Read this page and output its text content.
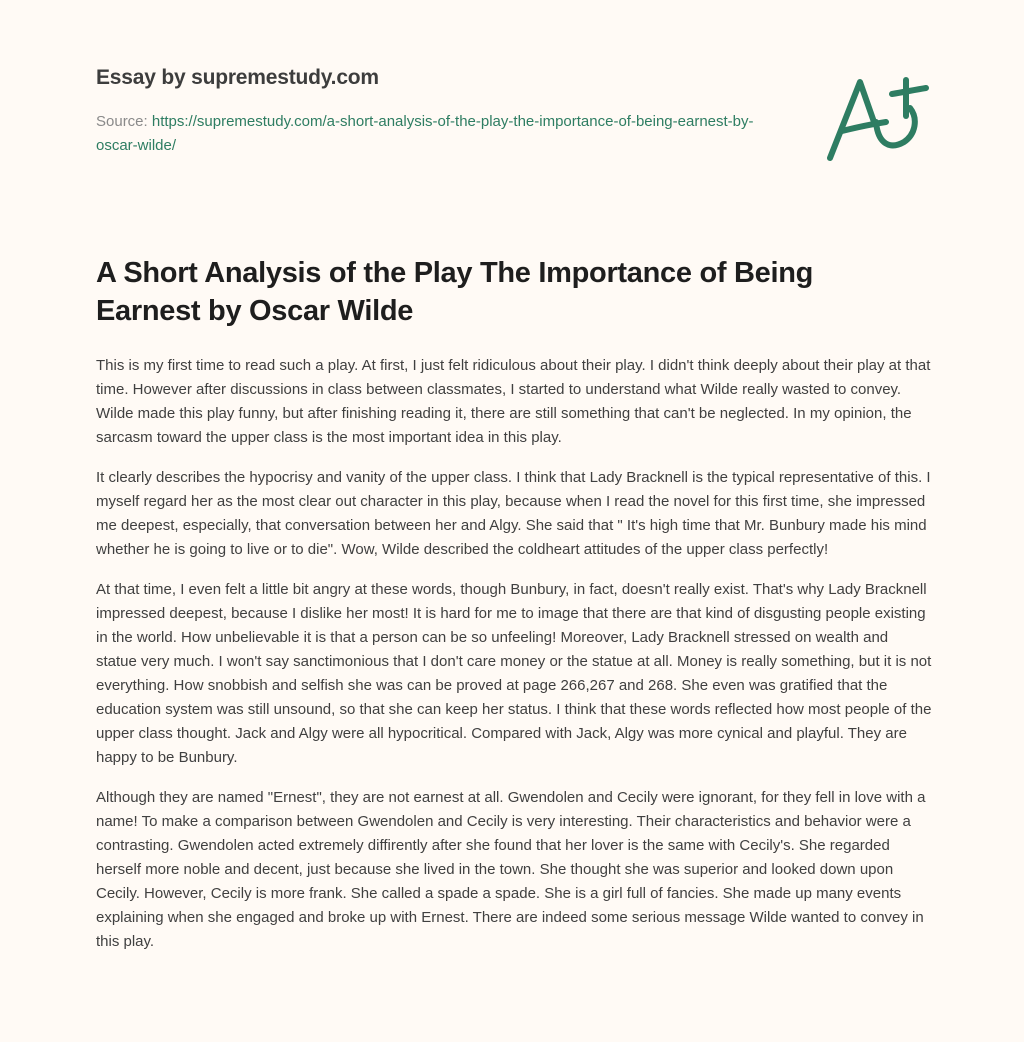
Essay by supremestudy.com
Source: https://supremestudy.com/a-short-analysis-of-the-play-the-importance-of-being-earnest-by-oscar-wilde/
A Short Analysis of the Play The Importance of Being Earnest by Oscar Wilde

This is my first time to read such a play. At first, I just felt ridiculous about their play. I didn't think deeply about their play at that time. However after discussions in class between classmates, I started to understand what Wilde really wasted to convey. Wilde made this play funny, but after finishing reading it, there are still something that can't be neglected. In my opinion, the sarcasm toward the upper class is the most important idea in this play.

It clearly describes the hypocrisy and vanity of the upper class. I think that Lady Bracknell is the typical representative of this. I myself regard her as the most clear out character in this play, because when I read the novel for this first time, she impressed me deepest, especially, that conversation between her and Algy. She said that " It's high time that Mr. Bunbury made his mind whether he is going to live or to die". Wow, Wilde described the coldheart attitudes of the upper class perfectly!

At that time, I even felt a little bit angry at these words, though Bunbury, in fact, doesn't really exist. That's why Lady Bracknell impressed deepest, because I dislike her most! It is hard for me to image that there are that kind of disgusting people existing in the world. How unbelievable it is that a person can be so unfeeling! Moreover, Lady Bracknell stressed on wealth and statue very much. I won't say sanctimonious that I don't care money or the statue at all. Money is really something, but it is not everything. How snobbish and selfish she was can be proved at page 266,267 and 268. She even was gratified that the education system was still unsound, so that she can keep her status. I think that these words reflected how most people of the upper class thought. Jack and Algy were all hypocritical. Compared with Jack, Algy was more cynical and playful. They are happy to be Bunbury.

Although they are named "Ernest", they are not earnest at all. Gwendolen and Cecily were ignorant, for they fell in love with a name! To make a comparison between Gwendolen and Cecily is very interesting. Their characteristics and behavior were a contrasting. Gwendolen acted extremely diffirently after she found that her lover is the same with Cecily's. She regarded herself more noble and decent, just because she lived in the town. She thought she was superior and looked down upon Cecily. However, Cecily is more frank. She called a spade a spade. She is a girl full of fancies. She made up many events explaining when she engaged and broke up with Ernest. There are indeed some serious message Wilde wanted to convey in this play.
